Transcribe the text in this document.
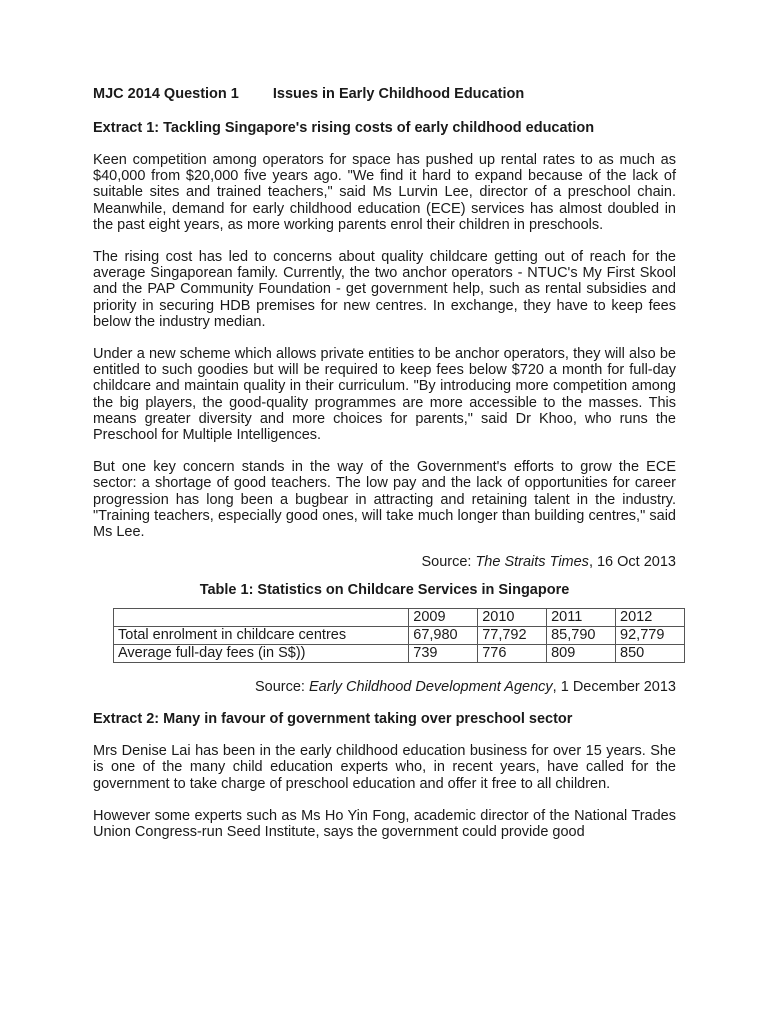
MJC 2014 Question 1 Issues in Early Childhood Education
Extract 1: Tackling Singapore's rising costs of early childhood education

Keen competition among operators for space has pushed up rental rates to as much as $40,000 from $20,000 five years ago. "We find it hard to expand because of the lack of suitable sites and trained teachers," said Ms Lurvin Lee, director of a preschool chain. Meanwhile, demand for early childhood education (ECE) services has almost doubled in the past eight years, as more working parents enrol their children in preschools.

The rising cost has led to concerns about quality childcare getting out of reach for the average Singaporean family. Currently, the two anchor operators - NTUC's My First Skool and the PAP Community Foundation - get government help, such as rental subsidies and priority in securing HDB premises for new centres. In exchange, they have to keep fees below the industry median.

Under a new scheme which allows private entities to be anchor operators, they will also be entitled to such goodies but will be required to keep fees below $720 a month for full-day childcare and maintain quality in their curriculum. "By introducing more competition among the big players, the good-quality programmes are more accessible to the masses. This means greater diversity and more choices for parents," said Dr Khoo, who runs the Preschool for Multiple Intelligences.

But one key concern stands in the way of the Government's efforts to grow the ECE sector: a shortage of good teachers. The low pay and the lack of opportunities for career progression has long been a bugbear in attracting and retaining talent in the industry. "Training teachers, especially good ones, will take much longer than building centres," said Ms Lee.

Source: The Straits Times, 16 Oct 2013
Table 1: Statistics on Childcare Services in Singapore
	2009	2010	2011	2012
Total enrolment in childcare centres	67,980	77,792	85,790	92,779
Average full-day fees (in S$))	739	776	809	850
Source: Early Childhood Development Agency, 1 December 2013
Extract 2: Many in favour of government taking over preschool sector

Mrs Denise Lai has been in the early childhood education business for over 15 years. She is one of the many child education experts who, in recent years, have called for the government to take charge of preschool education and offer it free to all children.

However some experts such as Ms Ho Yin Fong, academic director of the National Trades Union Congress-run Seed Institute, says the government could provide good
